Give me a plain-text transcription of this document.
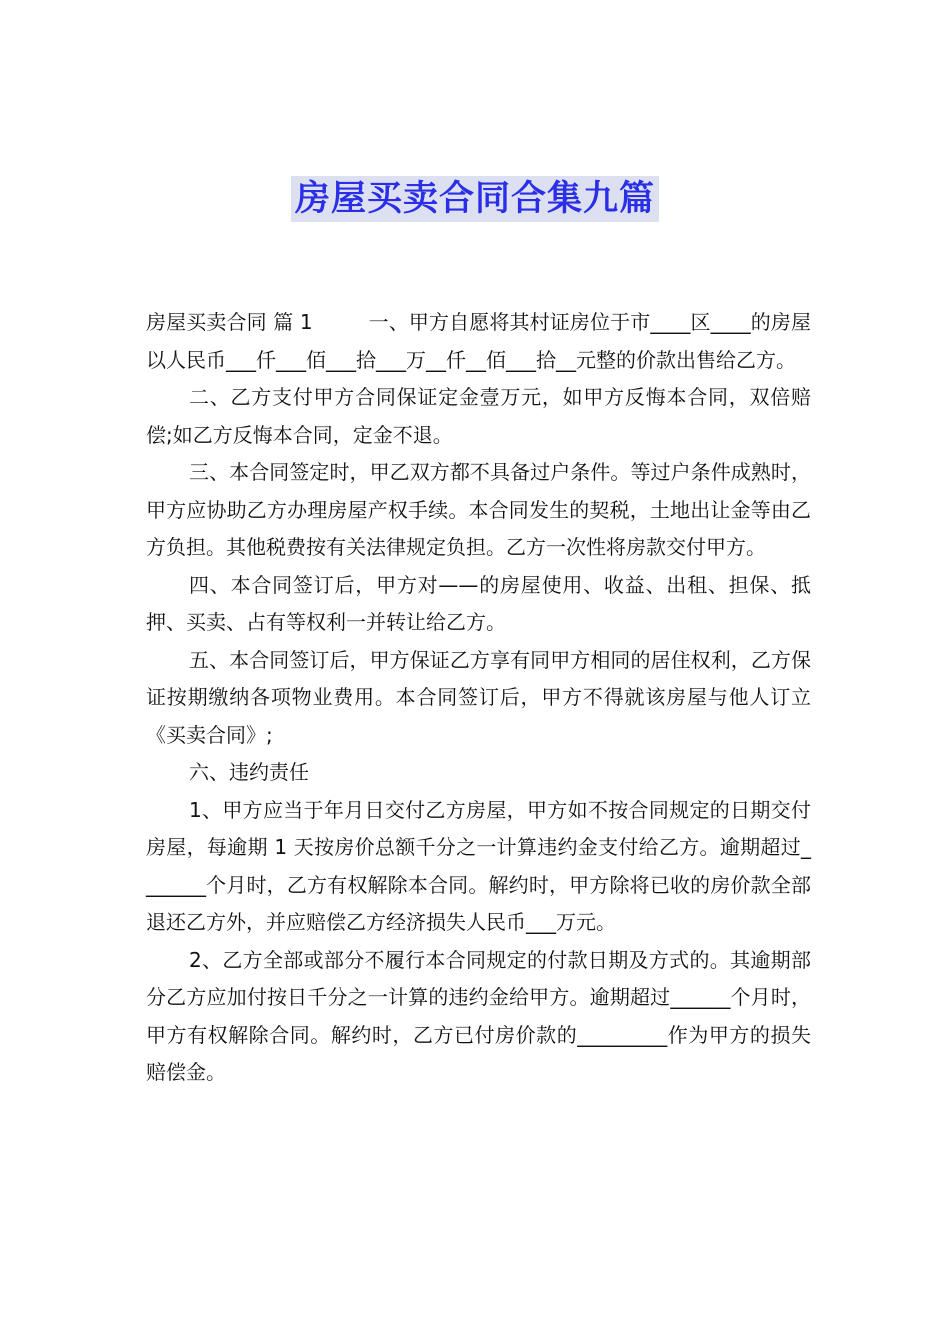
房屋买卖合同合集九篇

房屋买卖合同 篇 1	一、甲方自愿将其村证房位于市____区____的房屋以人民币___仟___佰___拾___万__仟__佰___拾__元整的价款出售给乙方。

二、乙方支付甲方合同保证定金壹万元，如甲方反悔本合同，双倍赔偿;如乙方反悔本合同，定金不退。

三、本合同签定时，甲乙双方都不具备过户条件。等过户条件成熟时，甲方应协助乙方办理房屋产权手续。本合同发生的契税，土地出让金等由乙方负担。其他税费按有关法律规定负担。乙方一次性将房款交付甲方。

四、本合同签订后，甲方对——的房屋使用、收益、出租、担保、抵押、买卖、占有等权利一并转让给乙方。

五、本合同签订后，甲方保证乙方享有同甲方相同的居住权利，乙方保证按期缴纳各项物业费用。本合同签订后，甲方不得就该房屋与他人订立《买卖合同》;

六、违约责任

1、甲方应当于年月日交付乙方房屋，甲方如不按合同规定的日期交付房屋，每逾期 1 天按房价总额千分之一计算违约金支付给乙方。逾期超过_______个月时，乙方有权解除本合同。解约时，甲方除将已收的房价款全部退还乙方外，并应赔偿乙方经济损失人民币___万元。

2、乙方全部或部分不履行本合同规定的付款日期及方式的。其逾期部分乙方应加付按日千分之一计算的违约金给甲方。逾期超过______个月时，甲方有权解除合同。解约时，乙方已付房价款的_________作为甲方的损失赔偿金。
